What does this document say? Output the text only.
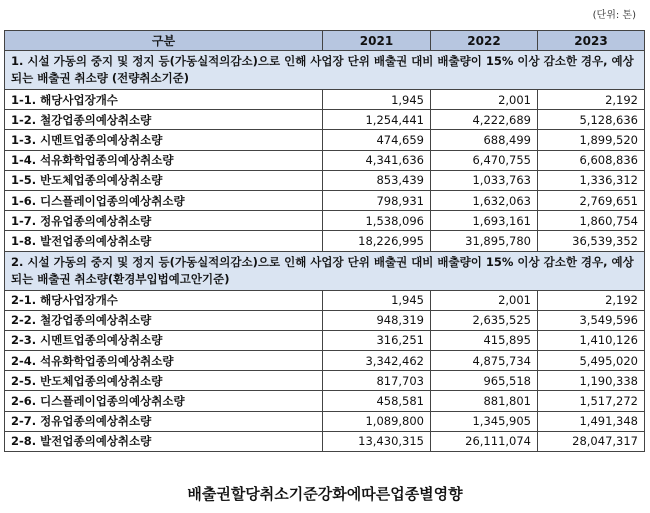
(단위: 톤)
구분	2021	2022	2023
1. 시설 가동의 중지 및 정지 등(가동실적의감소)으로 인해 사업장 단위 배출권 대비 배출량이 15% 이상 감소한 경우, 예상되는 배출권 취소량 (전량취소기준)			
1-1. 해당사업장개수	1,945	2,001	2,192
1-2. 철강업종의예상취소량	1,254,441	4,222,689	5,128,636
1-3. 시멘트업종의예상취소량	474,659	688,499	1,899,520
1-4. 석유화학업종의예상취소량	4,341,636	6,470,755	6,608,836
1-5. 반도체업종의예상취소량	853,439	1,033,763	1,336,312
1-6. 디스플레이업종의예상취소량	798,931	1,632,063	2,769,651
1-7. 정유업종의예상취소량	1,538,096	1,693,161	1,860,754
1-8. 발전업종의예상취소량	18,226,995	31,895,780	36,539,352
2. 시설 가동의 중지 및 정지 등(가동실적의감소)으로 인해 사업장 단위 배출권 대비 배출량이 15% 이상 감소한 경우, 예상되는 배출권 취소량(환경부입법예고안기준)			
2-1. 해당사업장개수	1,945	2,001	2,192
2-2. 철강업종의예상취소량	948,319	2,635,525	3,549,596
2-3. 시멘트업종의예상취소량	316,251	415,895	1,410,126
2-4. 석유화학업종의예상취소량	3,342,462	4,875,734	5,495,020
2-5. 반도체업종의예상취소량	817,703	965,518	1,190,338
2-6. 디스플레이업종의예상취소량	458,581	881,801	1,517,272
2-7. 정유업종의예상취소량	1,089,800	1,345,905	1,491,348
2-8. 발전업종의예상취소량	13,430,315	26,111,074	28,047,317
배출권할당취소기준강화에따른업종별영향
